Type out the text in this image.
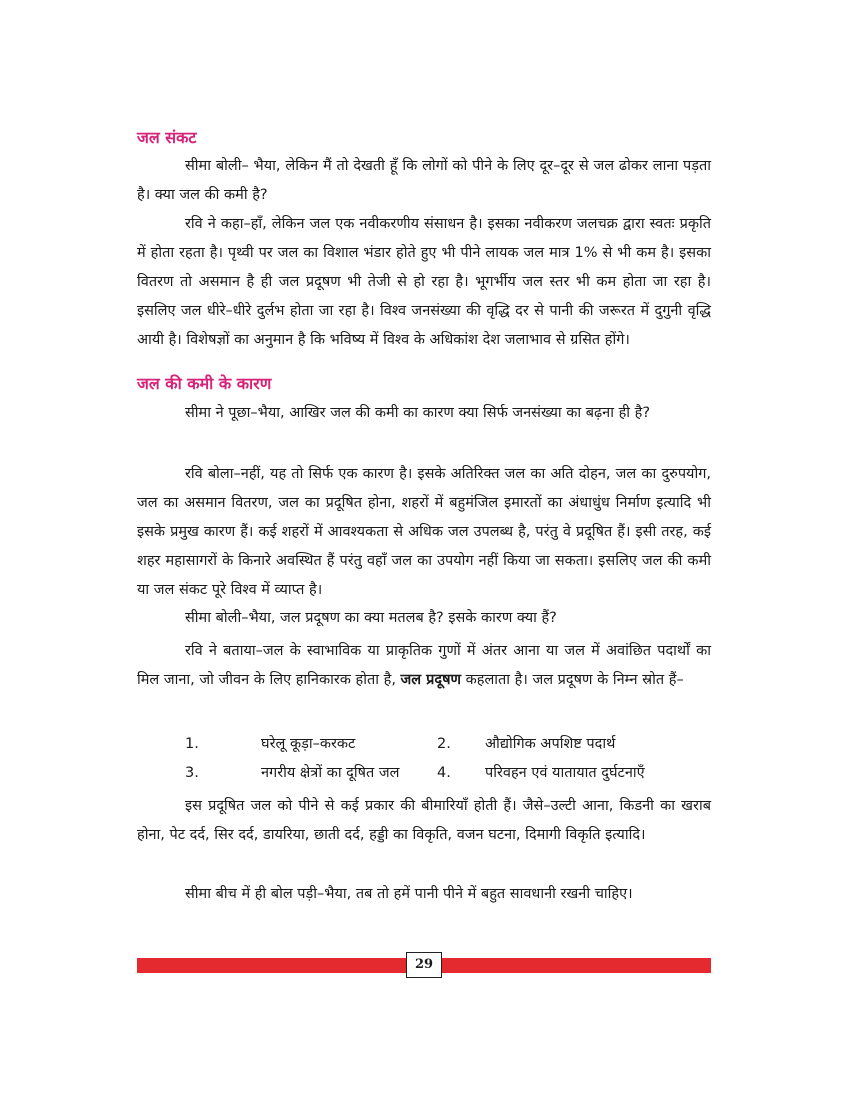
जल संकट

सीमा बोली– भैया, लेकिन मैं तो देखती हूँ कि लोगों को पीने के लिए दूर–दूर से जल ढोकर लाना पड़ता है। क्या जल की कमी है?

रवि ने कहा–हाँ, लेकिन जल एक नवीकरणीय संसाधन है। इसका नवीकरण जलचक्र द्वारा स्वतः प्रकृति में होता रहता है। पृथ्वी पर जल का विशाल भंडार होते हुए भी पीने लायक जल मात्र 1% से भी कम है। इसका वितरण तो असमान है ही जल प्रदूषण भी तेजी से हो रहा है। भूगर्भीय जल स्तर भी कम होता जा रहा है। इसलिए जल धीरे–धीरे दुर्लभ होता जा रहा है। विश्व जनसंख्या की वृद्धि दर से पानी की जरूरत में दुगुनी वृद्धि आयी है। विशेषज्ञों का अनुमान है कि भविष्य में विश्व के अधिकांश देश जलाभाव से ग्रसित होंगे।

जल की कमी के कारण

सीमा ने पूछा–भैया, आखिर जल की कमी का कारण क्या सिर्फ जनसंख्या का बढ़ना ही है?

रवि बोला–नहीं, यह तो सिर्फ एक कारण है। इसके अतिरिक्त जल का अति दोहन, जल का दुरुपयोग, जल का असमान वितरण, जल का प्रदूषित होना, शहरों में बहुमंजिल इमारतों का अंधाधुंध निर्माण इत्यादि भी इसके प्रमुख कारण हैं। कई शहरों में आवश्यकता से अधिक जल उपलब्ध है, परंतु वे प्रदूषित हैं। इसी तरह, कई शहर महासागरों के किनारे अवस्थित हैं परंतु वहाँ जल का उपयोग नहीं किया जा सकता। इसलिए जल की कमी या जल संकट पूरे विश्व में व्याप्त है।

सीमा बोली–भैया, जल प्रदूषण का क्या मतलब है? इसके कारण क्या हैं?

रवि ने बताया–जल के स्वाभाविक या प्राकृतिक गुणों में अंतर आना या जल में अवांछित पदार्थों का मिल जाना, जो जीवन के लिए हानिकारक होता है, जल प्रदूषण कहलाता है। जल प्रदूषण के निम्न स्रोत हैं–

1.	घरेलू कूड़ा–करकट	2. औद्योगिक अपशिष्ट पदार्थ
3.	नगरीय क्षेत्रों का दूषित जल	4. परिवहन एवं यातायात दुर्घटनाएँ

इस प्रदूषित जल को पीने से कई प्रकार की बीमारियाँ होती हैं। जैसे–उल्टी आना, किडनी का खराब होना, पेट दर्द, सिर दर्द, डायरिया, छाती दर्द, हड्डी का विकृति, वजन घटना, दिमागी विकृति इत्यादि।

सीमा बीच में ही बोल पड़ी–भैया, तब तो हमें पानी पीने में बहुत सावधानी रखनी चाहिए।

29
